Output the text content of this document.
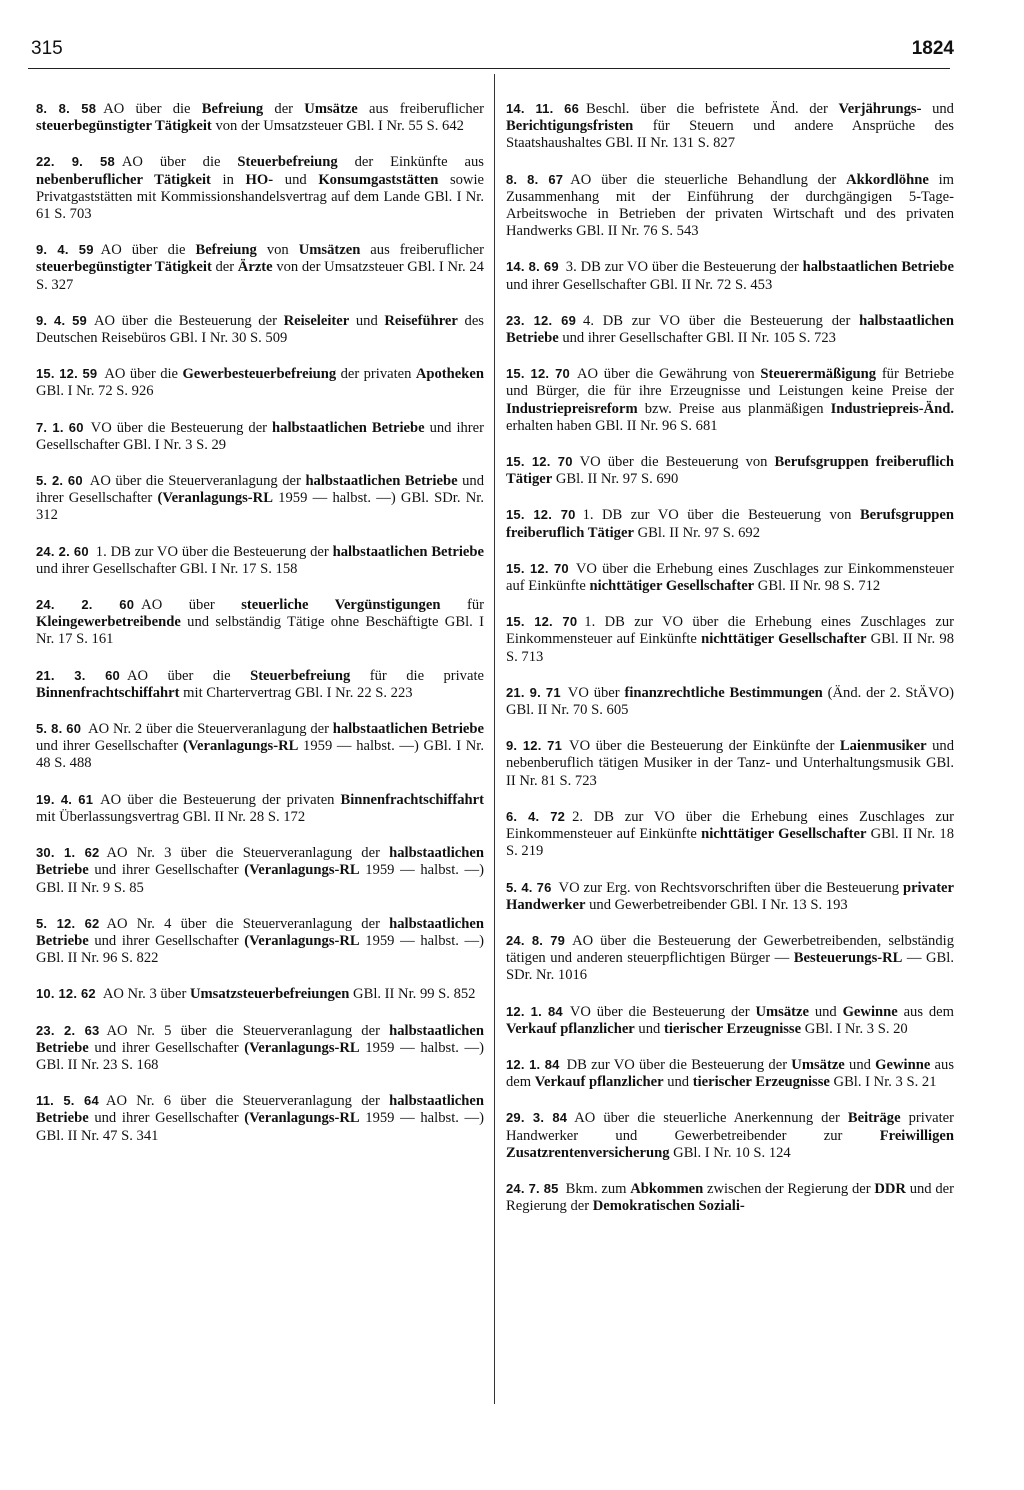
315	1824

8. 8. 58 AO über die Befreiung der Umsätze aus freiberuflicher steuerbegünstigter Tätigkeit von der Umsatzsteuer GBl. I Nr. 55 S. 642

22. 9. 58 AO über die Steuerbefreiung der Einkünfte aus nebenberuflicher Tätigkeit in HO- und Konsumgaststätten sowie Privatgaststätten mit Kommissionshandelsvertrag auf dem Lande GBl. I Nr. 61 S. 703

9. 4. 59 AO über die Befreiung von Umsätzen aus freiberuflicher steuerbegünstigter Tätigkeit der Ärzte von der Umsatzsteuer GBl. I Nr. 24 S. 327

9. 4. 59 AO über die Besteuerung der Reiseleiter und Reiseführer des Deutschen Reisebüros GBl. I Nr. 30 S. 509

15. 12. 59 AO über die Gewerbesteuerbefreiung der privaten Apotheken GBl. I Nr. 72 S. 926

7. 1. 60 VO über die Besteuerung der halbstaatlichen Betriebe und ihrer Gesellschafter GBl. I Nr. 3 S. 29

5. 2. 60 AO über die Steuerveranlagung der halbstaatlichen Betriebe und ihrer Gesellschafter (Veranlagungs-RL 1959 — halbst. —) GBl. SDr. Nr. 312

24. 2. 60 1. DB zur VO über die Besteuerung der halbstaatlichen Betriebe und ihrer Gesellschafter GBl. I Nr. 17 S. 158

24. 2. 60 AO über steuerliche Vergünstigungen für Kleingewerbetreibende und selbständig Tätige ohne Beschäftigte GBl. I Nr. 17 S. 161

21. 3. 60 AO über die Steuerbefreiung für die private Binnenfrachtschiffahrt mit Chartervertrag GBl. I Nr. 22 S. 223

5. 8. 60 AO Nr. 2 über die Steuerveranlagung der halbstaatlichen Betriebe und ihrer Gesellschafter (Veranlagungs-RL 1959 — halbst. —) GBl. I Nr. 48 S. 488

19. 4. 61 AO über die Besteuerung der privaten Binnenfrachtschiffahrt mit Überlassungsvertrag GBl. II Nr. 28 S. 172

30. 1. 62 AO Nr. 3 über die Steuerveranlagung der halbstaatlichen Betriebe und ihrer Gesellschafter (Veranlagungs-RL 1959 — halbst. —) GBl. II Nr. 9 S. 85

5. 12. 62 AO Nr. 4 über die Steuerveranlagung der halbstaatlichen Betriebe und ihrer Gesellschafter (Veranlagungs-RL 1959 — halbst. —) GBl. II Nr. 96 S. 822

10. 12. 62 AO Nr. 3 über Umsatzsteuerbefreiungen GBl. II Nr. 99 S. 852

23. 2. 63 AO Nr. 5 über die Steuerveranlagung der halbstaatlichen Betriebe und ihrer Gesellschafter (Veranlagungs-RL 1959 — halbst. —) GBl. II Nr. 23 S. 168

11. 5. 64 AO Nr. 6 über die Steuerveranlagung der halbstaatlichen Betriebe und ihrer Gesellschafter (Veranlagungs-RL 1959 — halbst. —) GBl. II Nr. 47 S. 341

14. 11. 66 Beschl. über die befristete Änd. der Verjährungs- und Berichtigungsfristen für Steuern und andere Ansprüche des Staatshaushaltes GBl. II Nr. 131 S. 827

8. 8. 67 AO über die steuerliche Behandlung der Akkordlöhne im Zusammenhang mit der Einführung der durchgängigen 5-Tage-Arbeitswoche in Betrieben der privaten Wirtschaft und des privaten Handwerks GBl. II Nr. 76 S. 543

14. 8. 69 3. DB zur VO über die Besteuerung der halbstaatlichen Betriebe und ihrer Gesellschafter GBl. II Nr. 72 S. 453

23. 12. 69 4. DB zur VO über die Besteuerung der halbstaatlichen Betriebe und ihrer Gesellschafter GBl. II Nr. 105 S. 723

15. 12. 70 AO über die Gewährung von Steuerermäßigung für Betriebe und Bürger, die für ihre Erzeugnisse und Leistungen keine Preise der Industriepreisreform bzw. Preise aus planmäßigen Industriepreis-Änd. erhalten haben GBl. II Nr. 96 S. 681

15. 12. 70 VO über die Besteuerung von Berufsgruppen freiberuflich Tätiger GBl. II Nr. 97 S. 690

15. 12. 70 1. DB zur VO über die Besteuerung von Berufsgruppen freiberuflich Tätiger GBl. II Nr. 97 S. 692

15. 12. 70 VO über die Erhebung eines Zuschlages zur Einkommensteuer auf Einkünfte nichttätiger Gesellschafter GBl. II Nr. 98 S. 712

15. 12. 70 1. DB zur VO über die Erhebung eines Zuschlages zur Einkommensteuer auf Einkünfte nichttätiger Gesellschafter GBl. II Nr. 98 S. 713

21. 9. 71 VO über finanzrechtliche Bestimmungen (Änd. der 2. StÄVO) GBl. II Nr. 70 S. 605

9. 12. 71 VO über die Besteuerung der Einkünfte der Laienmusiker und nebenberuflich tätigen Musiker in der Tanz- und Unterhaltungsmusik GBl. II Nr. 81 S. 723

6. 4. 72 2. DB zur VO über die Erhebung eines Zuschlages zur Einkommensteuer auf Einkünfte nichttätiger Gesellschafter GBl. II Nr. 18 S. 219

5. 4. 76 VO zur Erg. von Rechtsvorschriften über die Besteuerung privater Handwerker und Gewerbetreibender GBl. I Nr. 13 S. 193

24. 8. 79 AO über die Besteuerung der Gewerbetreibenden, selbständig tätigen und anderen steuerpflichtigen Bürger — Besteuerungs-RL — GBl. SDr. Nr. 1016

12. 1. 84 VO über die Besteuerung der Umsätze und Gewinne aus dem Verkauf pflanzlicher und tierischer Erzeugnisse GBl. I Nr. 3 S. 20

12. 1. 84 DB zur VO über die Besteuerung der Umsätze und Gewinne aus dem Verkauf pflanzlicher und tierischer Erzeugnisse GBl. I Nr. 3 S. 21

29. 3. 84 AO über die steuerliche Anerkennung der Beiträge privater Handwerker und Gewerbetreibender zur Freiwilligen Zusatzrentenversicherung GBl. I Nr. 10 S. 124

24. 7. 85 Bkm. zum Abkommen zwischen der Regierung der DDR und der Regierung der Demokratischen Soziali-
